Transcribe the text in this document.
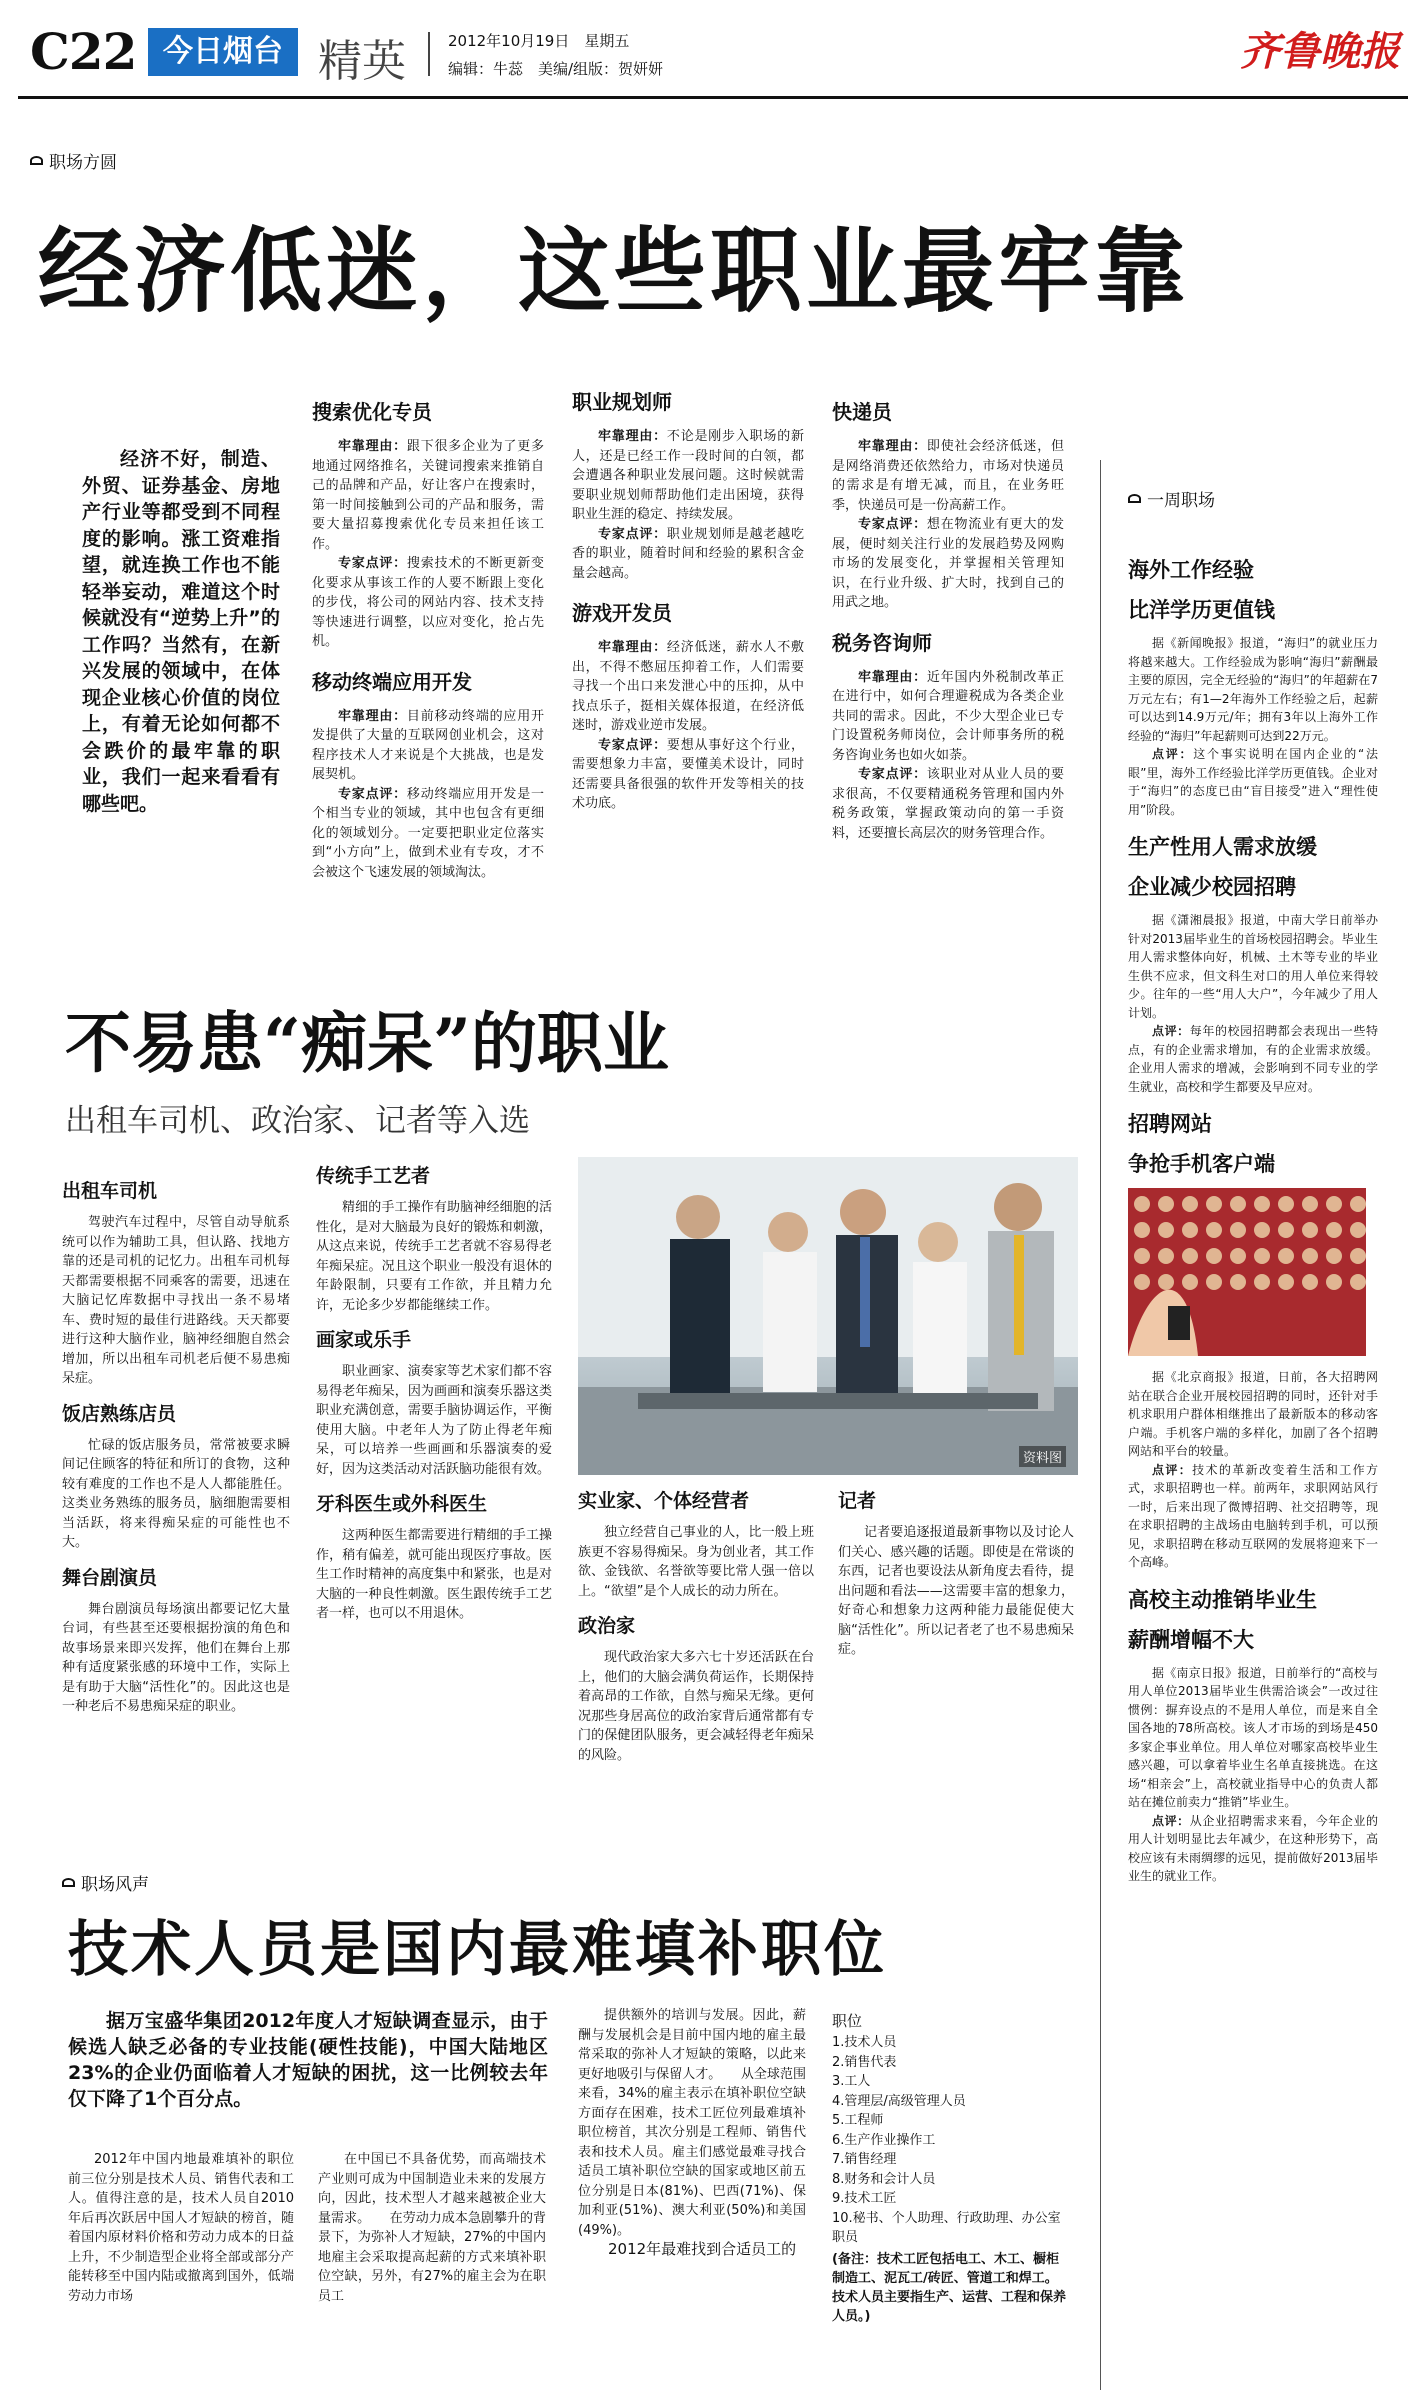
C22 今日烟台 精英	2012年10月19日　星期五
编辑：牛蕊　美编/组版：贺妍妍	齐鲁晚报
职场方圆
经济低迷，这些职业最牢靠

经济不好，制造、外贸、证券基金、房地产行业等都受到不同程度的影响。涨工资难指望，就连换工作也不能轻举妄动，难道这个时候就没有“逆势上升”的工作吗？当然有，在新兴发展的领域中，在体现企业核心价值的岗位上，有着无论如何都不会跌价的最牢靠的职业，我们一起来看看有哪些吧。

搜索优化专员

牢靠理由：跟下很多企业为了更多地通过网络推名，关键词搜索来推销自己的品牌和产品，好让客户在搜索时，第一时间接触到公司的产品和服务，需要大量招募搜索优化专员来担任该工作。

专家点评：搜索技术的不断更新变化要求从事该工作的人要不断跟上变化的步伐，将公司的网站内容、技术支持等快速进行调整，以应对变化，抢占先机。

移动终端应用开发

牢靠理由：目前移动终端的应用开发提供了大量的互联网创业机会，这对程序技术人才来说是个大挑战，也是发展契机。

专家点评：移动终端应用开发是一个相当专业的领域，其中也包含有更细化的领域划分。一定要把职业定位落实到“小方向”上，做到术业有专攻，才不会被这个飞速发展的领域淘汰。

职业规划师

牢靠理由：不论是刚步入职场的新人，还是已经工作一段时间的白领，都会遭遇各种职业发展问题。这时候就需要职业规划师帮助他们走出困境，获得职业生涯的稳定、持续发展。

专家点评：职业规划师是越老越吃香的职业，随着时间和经验的累积含金量会越高。

游戏开发员

牢靠理由：经济低迷，薪水人不敷出，不得不憋屈压抑着工作，人们需要寻找一个出口来发泄心中的压抑，从中找点乐子，挺相关媒体报道，在经济低迷时，游戏业逆市发展。

专家点评：要想从事好这个行业，需要想象力丰富，要懂美术设计，同时还需要具备很强的软件开发等相关的技术功底。

快递员

牢靠理由：即使社会经济低迷，但是网络消费还依然给力，市场对快递员的需求是有增无减，而且，在业务旺季，快递员可是一份高薪工作。

专家点评：想在物流业有更大的发展，便时刻关注行业的发展趋势及网购市场的发展变化，并掌握相关管理知识，在行业升级、扩大时，找到自己的用武之地。

税务咨询师

牢靠理由：近年国内外税制改革正在进行中，如何合理避税成为各类企业共同的需求。因此，不少大型企业已专门设置税务师岗位，会计师事务所的税务咨询业务也如火如荼。

专家点评：该职业对从业人员的要求很高，不仅要精通税务管理和国内外税务政策，掌握政策动向的第一手资料，还要擅长高层次的财务管理合作。

不易患“痴呆”的职业
出租车司机、政治家、记者等入选
出租车司机

驾驶汽车过程中，尽管自动导航系统可以作为辅助工具，但认路、找地方靠的还是司机的记忆力。出租车司机每天都需要根据不同乘客的需要，迅速在大脑记忆库数据中寻找出一条不易堵车、费时短的最佳行进路线。天天都要进行这种大脑作业，脑神经细胞自然会增加，所以出租车司机老后便不易患痴呆症。

饭店熟练店员

忙碌的饭店服务员，常常被要求瞬间记住顾客的特征和所订的食物，这种较有难度的工作也不是人人都能胜任。这类业务熟练的服务员，脑细胞需要相当活跃，将来得痴呆症的可能性也不大。

舞台剧演员

舞台剧演员每场演出都要记忆大量台词，有些甚至还要根据扮演的角色和故事场景来即兴发挥，他们在舞台上那种有适度紧张感的环境中工作，实际上是有助于大脑“活性化”的。因此这也是一种老后不易患痴呆症的职业。

传统手工艺者

精细的手工操作有助脑神经细胞的活性化，是对大脑最为良好的锻炼和刺激，从这点来说，传统手工艺者就不容易得老年痴呆症。况且这个职业一般没有退休的年龄限制，只要有工作欲，并且精力允许，无论多少岁都能继续工作。

画家或乐手

职业画家、演奏家等艺术家们都不容易得老年痴呆，因为画画和演奏乐器这类职业充满创意，需要手脑协调运作，平衡使用大脑。中老年人为了防止得老年痴呆，可以培养一些画画和乐器演奏的爱好，因为这类活动对活跃脑功能很有效。

牙科医生或外科医生

这两种医生都需要进行精细的手工操作，稍有偏差，就可能出现医疗事故。医生工作时精神的高度集中和紧张，也是对大脑的一种良性刺激。医生跟传统手工艺者一样，也可以不用退休。

资料图
实业家、个体经营者

独立经营自己事业的人，比一般上班族更不容易得痴呆。身为创业者，其工作欲、金钱欲、名誉欲等要比常人强一倍以上。“欲望”是个人成长的动力所在。

政治家

现代政治家大多六七十岁还活跃在台上，他们的大脑会满负荷运作，长期保持着高昂的工作欲，自然与痴呆无缘。更何况那些身居高位的政治家背后通常都有专门的保健团队服务，更会减轻得老年痴呆的风险。

记者

记者要追逐报道最新事物以及讨论人们关心、感兴趣的话题。即使是在常谈的东西，记者也要设法从新角度去看待，提出问题和看法——这需要丰富的想象力，好奇心和想象力这两种能力最能促使大脑“活性化”。所以记者老了也不易患痴呆症。

职场风声
技术人员是国内最难填补职位

据万宝盛华集团2012年度人才短缺调查显示，由于候选人缺乏必备的专业技能(硬性技能)，中国大陆地区23%的企业仍面临着人才短缺的困扰，这一比例较去年仅下降了1个百分点。

2012年中国内地最难填补的职位前三位分别是技术人员、销售代表和工人。值得注意的是，技术人员自2010年后再次跃居中国人才短缺的榜首，随着国内原材料价格和劳动力成本的日益上升，不少制造型企业将全部或部分产能转移至中国内陆或撤离到国外，低端劳动力市场

在中国已不具备优势，而高端技术产业则可成为中国制造业未来的发展方向，因此，技术型人才越来越被企业大量需求。　　在劳动力成本急剧攀升的背景下，为弥补人才短缺，27%的中国内地雇主会采取提高起薪的方式来填补职位空缺，另外，有27%的雇主会为在职员工

提供额外的培训与发展。因此，薪酬与发展机会是目前中国内地的雇主最常采取的弥补人才短缺的策略，以此来更好地吸引与保留人才。　　从全球范围来看，34%的雇主表示在填补职位空缺方面存在困难，技术工匠位列最难填补职位榜首，其次分别是工程师、销售代表和技术人员。雇主们感觉最难寻找合适员工填补职位空缺的国家或地区前五位分别是日本(81%)、巴西(71%)、保加利亚(51%)、澳大利亚(50%)和美国(49%)。

2012年最难找到合适员工的

职位
1.技术人员
2.销售代表
3.工人
4.管理层/高级管理人员
5.工程师
6.生产作业操作工
7.销售经理
8.财务和会计人员
9.技术工匠
10.秘书、个人助理、行政助理、办公室职员
(备注：技术工匠包括电工、木工、橱柜制造工、泥瓦工/砖匠、管道工和焊工。技术人员主要指生产、运营、工程和保养人员。)
一周职场
海外工作经验
比洋学历更值钱

据《新闻晚报》报道，“海归”的就业压力将越来越大。工作经验成为影响“海归”薪酬最主要的原因，完全无经验的“海归”的年超薪在7万元左右；有1—2年海外工作经验之后，起薪可以达到14.9万元/年；拥有3年以上海外工作经验的“海归”年起薪则可达到22万元。

点评：这个事实说明在国内企业的“法眼”里，海外工作经验比洋学历更值钱。企业对于“海归”的态度已由“盲目接受”进入“理性使用”阶段。

生产性用人需求放缓
企业减少校园招聘

据《潇湘晨报》报道，中南大学日前举办针对2013届毕业生的首场校园招聘会。毕业生用人需求整体向好，机械、土木等专业的毕业生供不应求，但文科生对口的用人单位来得较少。往年的一些“用人大户”，今年减少了用人计划。

点评：每年的校园招聘都会表现出一些特点，有的企业需求增加，有的企业需求放缓。企业用人需求的增减，会影响到不同专业的学生就业，高校和学生都要及早应对。

招聘网站
争抢手机客户端

据《北京商报》报道，日前，各大招聘网站在联合企业开展校园招聘的同时，还针对手机求职用户群体相继推出了最新版本的移动客户端。手机客户端的多样化，加剧了各个招聘网站和平台的较量。

点评：技术的革新改变着生活和工作方式，求职招聘也一样。前两年，求职网站风行一时，后来出现了微博招聘、社交招聘等，现在求职招聘的主战场由电脑转到手机，可以预见，求职招聘在移动互联网的发展将迎来下一个高峰。

高校主动推销毕业生
薪酬增幅不大

据《南京日报》报道，日前举行的“高校与用人单位2013届毕业生供需洽谈会”一改过往惯例：摒弃设点的不是用人单位，而是来自全国各地的78所高校。该人才市场的到场是450多家企事业单位。用人单位对哪家高校毕业生感兴趣，可以拿着毕业生名单直接挑选。在这场“相亲会”上，高校就业指导中心的负责人都站在摊位前卖力“推销”毕业生。

点评：从企业招聘需求来看，今年企业的用人计划明显比去年减少，在这种形势下，高校应该有未雨绸缪的远见，提前做好2013届毕业生的就业工作。
